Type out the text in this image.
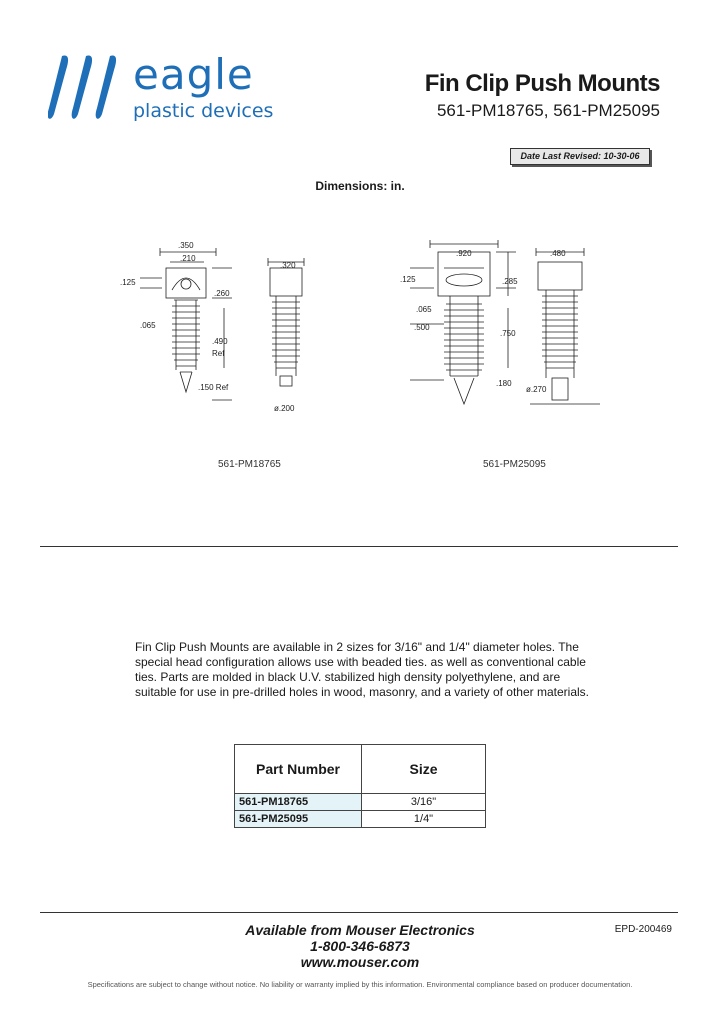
eagle
plastic devices
Fin Clip Push Mounts
561-PM18765, 561-PM25095
Date Last Revised: 10-30-06
Dimensions: in.
.350
.210
.125
.260
.065
.490
Ref
.150 Ref
.320
ø.200
.920
.125	.285
.065
.500
.750
.180
.480
ø.270
561-PM18765	561-PM25095
Fin Clip Push Mounts are available in 2 sizes for 3/16" and 1/4" diameter holes. The special head configuration allows use with beaded ties. as well as conventional cable ties. Parts are molded in black U.V. stabilized high density polyethylene, and are suitable for use in pre-drilled holes in wood, masonry, and a variety of other materials.
Part Number	Size
561-PM18765	3/16"
561-PM25095	1/4"
Available from Mouser Electronics
1-800-346-6873
www.mouser.com
EPD-200469
Specifications are subject to change without notice. No liability or warranty implied by this information. Environmental compliance based on producer documentation.
